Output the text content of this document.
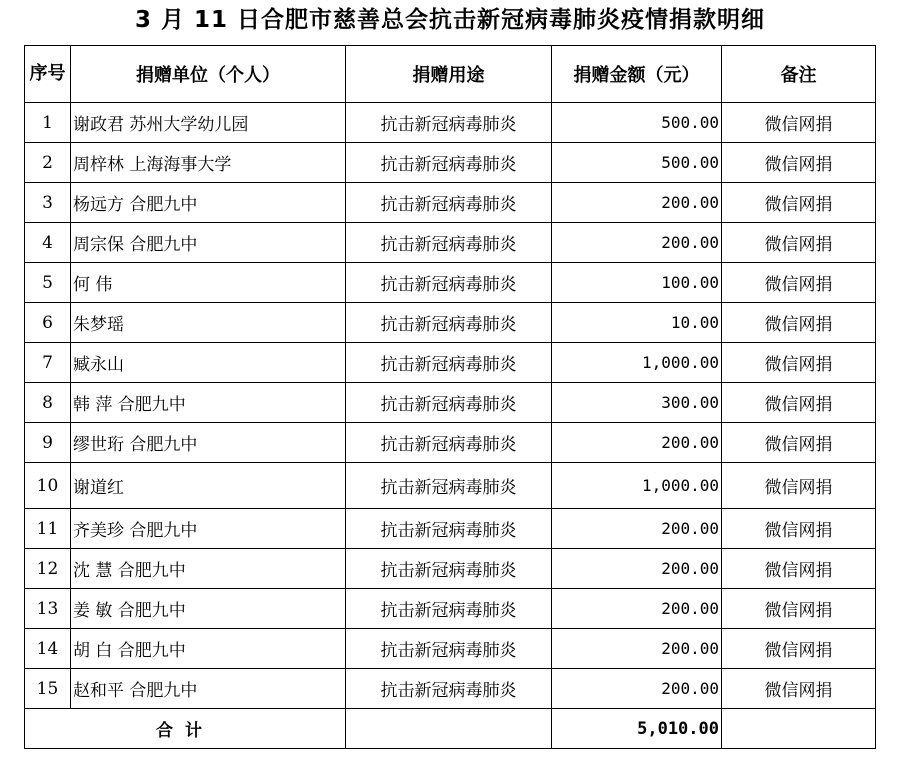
3 月 11 日合肥市慈善总会抗击新冠病毒肺炎疫情捐款明细
序号	捐赠单位（个人）	捐赠用途	捐赠金额（元）	备注
1	谢政君 苏州大学幼儿园	抗击新冠病毒肺炎	500.00	微信网捐
2	周梓林 上海海事大学	抗击新冠病毒肺炎	500.00	微信网捐
3	杨远方 合肥九中	抗击新冠病毒肺炎	200.00	微信网捐
4	周宗保 合肥九中	抗击新冠病毒肺炎	200.00	微信网捐
5	何 伟	抗击新冠病毒肺炎	100.00	微信网捐
6	朱梦瑶	抗击新冠病毒肺炎	10.00	微信网捐
7	臧永山	抗击新冠病毒肺炎	1,000.00	微信网捐
8	韩 萍 合肥九中	抗击新冠病毒肺炎	300.00	微信网捐
9	缪世珩 合肥九中	抗击新冠病毒肺炎	200.00	微信网捐
10	谢道红	抗击新冠病毒肺炎	1,000.00	微信网捐
11	齐美珍 合肥九中	抗击新冠病毒肺炎	200.00	微信网捐
12	沈 慧 合肥九中	抗击新冠病毒肺炎	200.00	微信网捐
13	姜 敏 合肥九中	抗击新冠病毒肺炎	200.00	微信网捐
14	胡 白 合肥九中	抗击新冠病毒肺炎	200.00	微信网捐
15	赵和平 合肥九中	抗击新冠病毒肺炎	200.00	微信网捐
合计			5,010.00	
